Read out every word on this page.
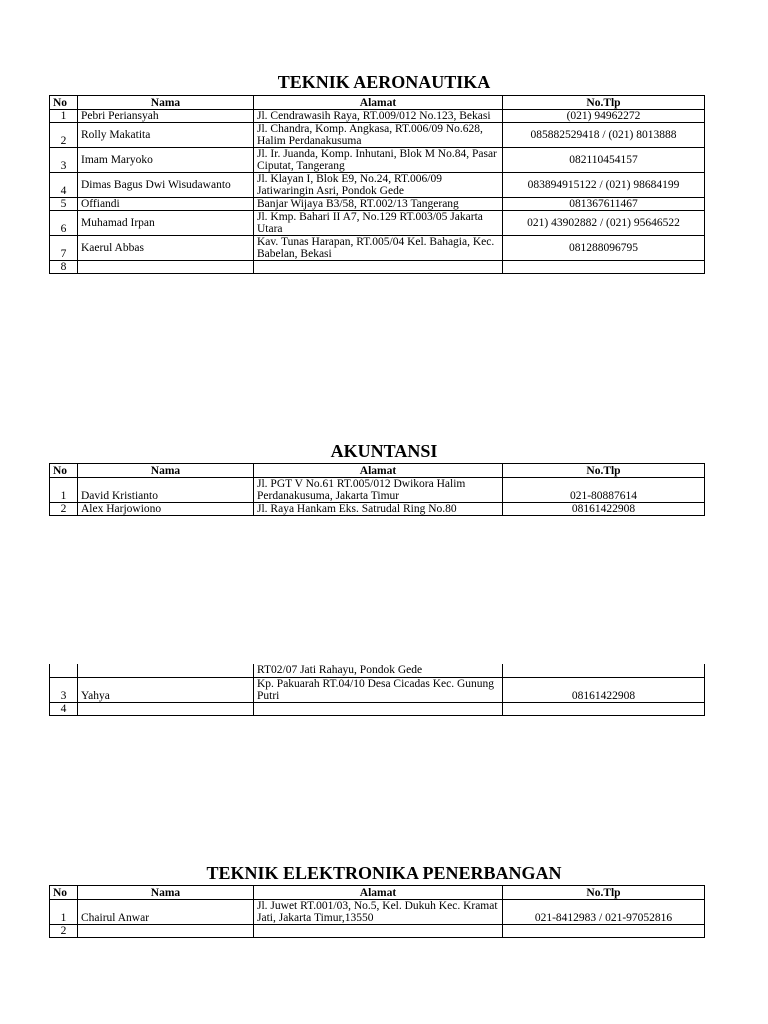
TEKNIK AERONAUTIKA
No	Nama	Alamat	No.Tlp
1	Pebri Periansyah	Jl. Cendrawasih Raya, RT.009/012 No.123, Bekasi	(021) 94962272
2	Rolly Makatita	Jl. Chandra, Komp. Angkasa, RT.006/09 No.628, Halim Perdanakusuma	085882529418 / (021) 8013888
3	Imam Maryoko	Jl. Ir. Juanda, Komp. Inhutani, Blok M No.84, Pasar Ciputat, Tangerang	082110454157
4	Dimas Bagus Dwi Wisudawanto	Jl. Klayan I, Blok E9, No.24, RT.006/09 Jatiwaringin Asri, Pondok Gede	083894915122 / (021) 98684199
5	Offiandi	Banjar Wijaya B3/58, RT.002/13 Tangerang	081367611467
6	Muhamad Irpan	Jl. Kmp. Bahari II A7, No.129 RT.003/05 Jakarta Utara	021) 43902882 / (021) 95646522
7	Kaerul Abbas	Kav. Tunas Harapan, RT.005/04 Kel. Bahagia, Kec. Babelan, Bekasi	081288096795
8			
AKUNTANSI
No	Nama	Alamat	No.Tlp
1	David Kristianto	Jl. PGT V No.61 RT.005/012 Dwikora Halim Perdanakusuma, Jakarta Timur	021-80887614
2	Alex Harjowiono	Jl. Raya Hankam Eks. Satrudal Ring No.80	08161422908
		RT02/07 Jati Rahayu, Pondok Gede	
3	Yahya	Kp. Pakuarah RT.04/10 Desa Cicadas Kec. Gunung Putri	08161422908
4			
TEKNIK ELEKTRONIKA PENERBANGAN
No	Nama	Alamat	No.Tlp
1	Chairul Anwar	Jl. Juwet RT.001/03, No.5, Kel. Dukuh Kec. Kramat Jati, Jakarta Timur,13550	021-8412983 / 021-97052816
2			
